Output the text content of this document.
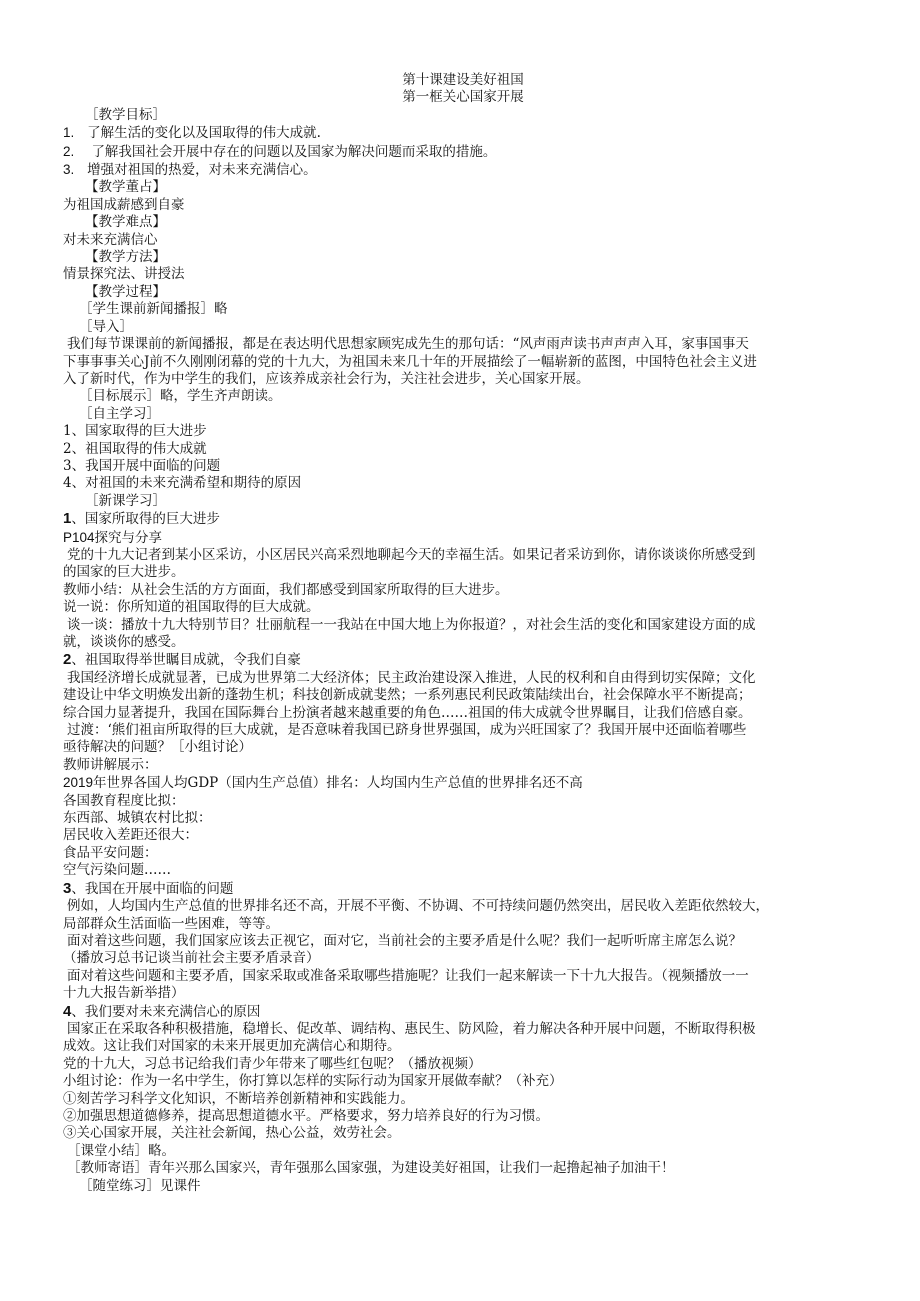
第十课建设美好祖国
第一框关心国家开展
［教学目标］
1. 了解生活的变化以及国取得的伟大成就.
2. 了解我国社会开展中存在的问题以及国家为解决问题而采取的措施。
3. 增强对祖国的热爱，对未来充满信心。
【教学董占】
为祖国成薪感到自豪
【教学难点】
对未来充满信心
【教学方法】
情景探究法、讲授法
【教学过程】
［学生课前新闻播报］略
［导入］
我们每节课课前的新闻播报，都是在表达明代思想家顾宪成先生的那句话：“风声雨声读书声声声入耳，家事国事天
下事事事关心J前不久刚刚闭幕的党的十九大，为祖国未来几十年的开展描绘了一幅崭新的蓝图，中国特色社会主义进
入了新时代，作为中学生的我们，应该养成亲社会行为，关注社会进步，关心国家开展。
［目标展示］略，学生齐声朗读。
［自主学习］
1、国家取得的巨大进步
2、祖国取得的伟大成就
3、我国开展中面临的问题
4、对祖国的未来充满希望和期待的原因
［新课学习］
1、国家所取得的巨大进步
P104探究与分享
党的十九大记者到某小区采访，小区居民兴高采烈地聊起今天的幸福生活。如果记者采访到你，请你谈谈你所感受到
的国家的巨大进步。
教师小结：从社会生活的方方面面，我们都感受到国家所取得的巨大进步。
说一说：你所知道的祖国取得的巨大成就。
谈一谈：播放十九大特别节目？壮丽航程一一我站在中国大地上为你报道？，对社会生活的变化和国家建设方面的成
就，谈谈你的感受。
2、祖国取得举世瞩目成就，令我们自豪
我国经济增长成就显著，已成为世界第二大经济体；民主政治建设深入推进，人民的权利和自由得到切实保障；文化
建设让中华文明焕发出新的蓬勃生机；科技创新成就斐然；一系列惠民利民政策陆续出台，社会保障水平不断提高；
综合国力显著提升，我国在国际舞台上扮演者越来越重要的角色……祖国的伟大成就令世界瞩目，让我们倍感自豪。
过渡：‘熊们祖亩所取得的巨大成就，是否意味着我国已跻身世界强国，成为兴旺国家了？我国开展中还面临着哪些
亟待解决的问题？［小组讨论）
教师讲解展示：
2019年世界各国人均GDP（国内生产总值）排名：人均国内生产总值的世界排名还不高
各国教育程度比拟：
东西部、城镇农村比拟：
居民收入差距还很大：
食品平安问题：
空气污染问题……
3、我国在开展中面临的问题
例如，人均国内生产总值的世界排名还不高，开展不平衡、不协调、不可持续问题仍然突出，居民收入差距依然较大，
局部群众生活面临一些困难，等等。
面对着这些问题，我们国家应该去正视它，面对它，当前社会的主要矛盾是什么呢？我们一起听听席主席怎么说？
（播放习总书记谈当前社会主要矛盾录音）
面对着这些问题和主要矛盾，国家采取或准备采取哪些措施呢？让我们一起来解读一下十九大报告。（视频播放一一
十九大报告新举措）
4、我们要对未来充满信心的原因
国家正在采取各种积极措施，稳增长、促改革、调结构、惠民生、防风险，着力解决各种开展中问题，不断取得积极
成效。这让我们对国家的未来开展更加充满信心和期待。
党的十九大，习总书记给我们青少年带来了哪些红包呢？（播放视频）
小组讨论：作为一名中学生，你打算以怎样的实际行动为国家开展做奉献？（补充）
①刻苦学习科学文化知识，不断培养创新精神和实践能力。
②加强思想道德修养，提高思想道德水平。严格要求，努力培养良好的行为习惯。
③关心国家开展，关注社会新闻，热心公益，效劳社会。
［课堂小结］略。
［教师寄语］青年兴那么国家兴，青年强那么国家强，为建设美好祖国，让我们一起撸起袖子加油干！
［随堂练习］见课件
